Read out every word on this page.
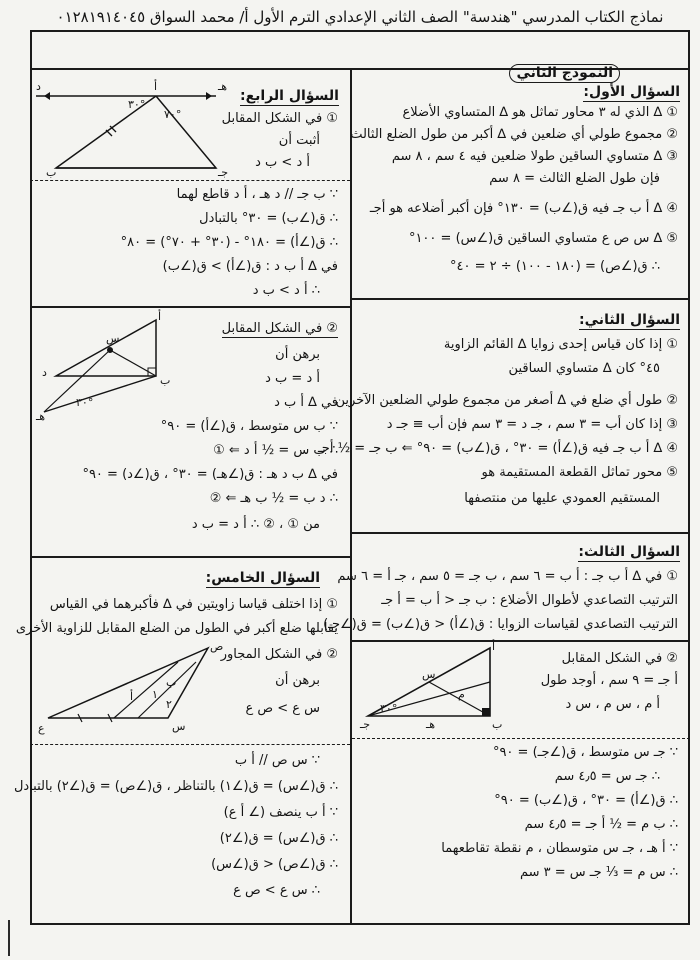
نماذج الكتاب المدرسي "هندسة" الصف الثاني الإعدادي الترم الأول أ/ محمد السواق ٠١٢٨١٩١٤٠٤٥
النموذج الثاني
السؤال الأول:
① ∆ الذي له ٣ محاور تماثل هو ∆ المتساوي الأضلاع
② مجموع طولي أي ضلعين في ∆ أكبر من طول الضلع الثالث
③ ∆ متساوي الساقين طولا ضلعين فيه ٤ سم ، ٨ سم
فإن طول الضلع الثالث = ٨ سم
④ ∆ أ ب جـ فيه ق(∠ب) = ١٣٠° فإن أكبر أضلاعه هو أجـ
⑤ ∆ س ص ع متساوي الساقين ق(∠س) = ١٠٠°
∴ ق(∠ص) = (١٨٠ - ١٠٠) ÷ ٢ = ٤٠°
السؤال الثاني:
① إذا كان قياس إحدى زوايا ∆ القائم الزاوية
٤٥° كان ∆ متساوي الساقين
② طول أي ضلع في ∆ أصغر من مجموع طولي الضلعين الآخرين
③ إذا كان أب = ٣ سم ، جـ د = ٣ سم فإن أب ≡ جـ د
④ ∆ أ ب جـ فيه ق(∠أ) = ٣٠° ، ق(∠ب) = ٩٠° ⇐ ب جـ = ½ أجـ
⑤ محور تماثل القطعة المستقيمة هو
المستقيم العمودي عليها من منتصفها
السؤال الثالث:
① في ∆ أ ب جـ : أ ب = ٦ سم ، ب جـ = ٥ سم ، جـ أ = ٦ سم
الترتيب التصاعدي لأطوال الأضلاع : ب جـ < أ ب = أ جـ
الترتيب التصاعدي لقياسات الزوايا : ق(∠أ) < ق(∠ب) = ق(∠جـ)
② في الشكل المقابل
أ جـ = ٩ سم ، أوجد طول
أ م ، س م ، س د
أ
ب
جـ
س
هـ
م
٣٠°
∵ جـ س متوسط ، ق(∠جـ) = ٩٠°
∴ جـ س = ٤٫٥ سم
∴ ق(∠أ) = ٣٠° ، ق(∠ب) = ٩٠°
∴ ب م = ½ أ جـ = ٤٫٥ سم
∵ أ هـ ، جـ س متوسطان ، م نقطة تقاطعهما
∴ س م = ⅓ جـ س = ٣ سم
د	أ	هـ
ب	جـ
٣٠°
٧٠°
السؤال الرابع:
① في الشكل المقابل
أثبت أن
أ د > ب د
∵ ب جـ // د هـ ، أ د قاطع لهما
∴ ق(∠ب) = ٣٠° بالتبادل
∴ ق(∠أ) = ١٨٠° - (٣٠° + ٧٠°) = ٨٠°
في ∆ أ ب د : ق(∠أ) > ق(∠ب)
∴ أ د > ب د
أ
ب
د
هـ
س
٣٠°
② في الشكل المقابل
برهن أن
أ د = ب د
في ∆ أ ب د
∵ ب س متوسط ، ق(∠أ) = ٩٠°
∴ ب س = ½ أ د ⇐ ①
في ∆ ب د هـ : ق(∠هـ) = ٣٠° ، ق(∠د) = ٩٠°
∴ د ب = ½ ب هـ ⇐ ②
من ① ، ② ∴ أ د = ب د
السؤال الخامس:
① إذا اختلف قياسا زاويتين في ∆ فأكبرهما في القياس
يقابلها ضلع أكبر في الطول من الضلع المقابل للزاوية الأخرى
② في الشكل المجاور
برهن أن
س ع > ص ع
ع
ص
س
أ
ب
١
٢
∵ س ص // أ ب
∴ ق(∠س) = ق(∠١) بالتناظر ، ق(∠ص) = ق(∠٢) بالتبادل
∵ أ ب ينصف (∠ أ ع)
∴ ق(∠س) = ق(∠٢)
∴ ق(∠ص) < ق(∠س)
∴ س ع > ص ع
